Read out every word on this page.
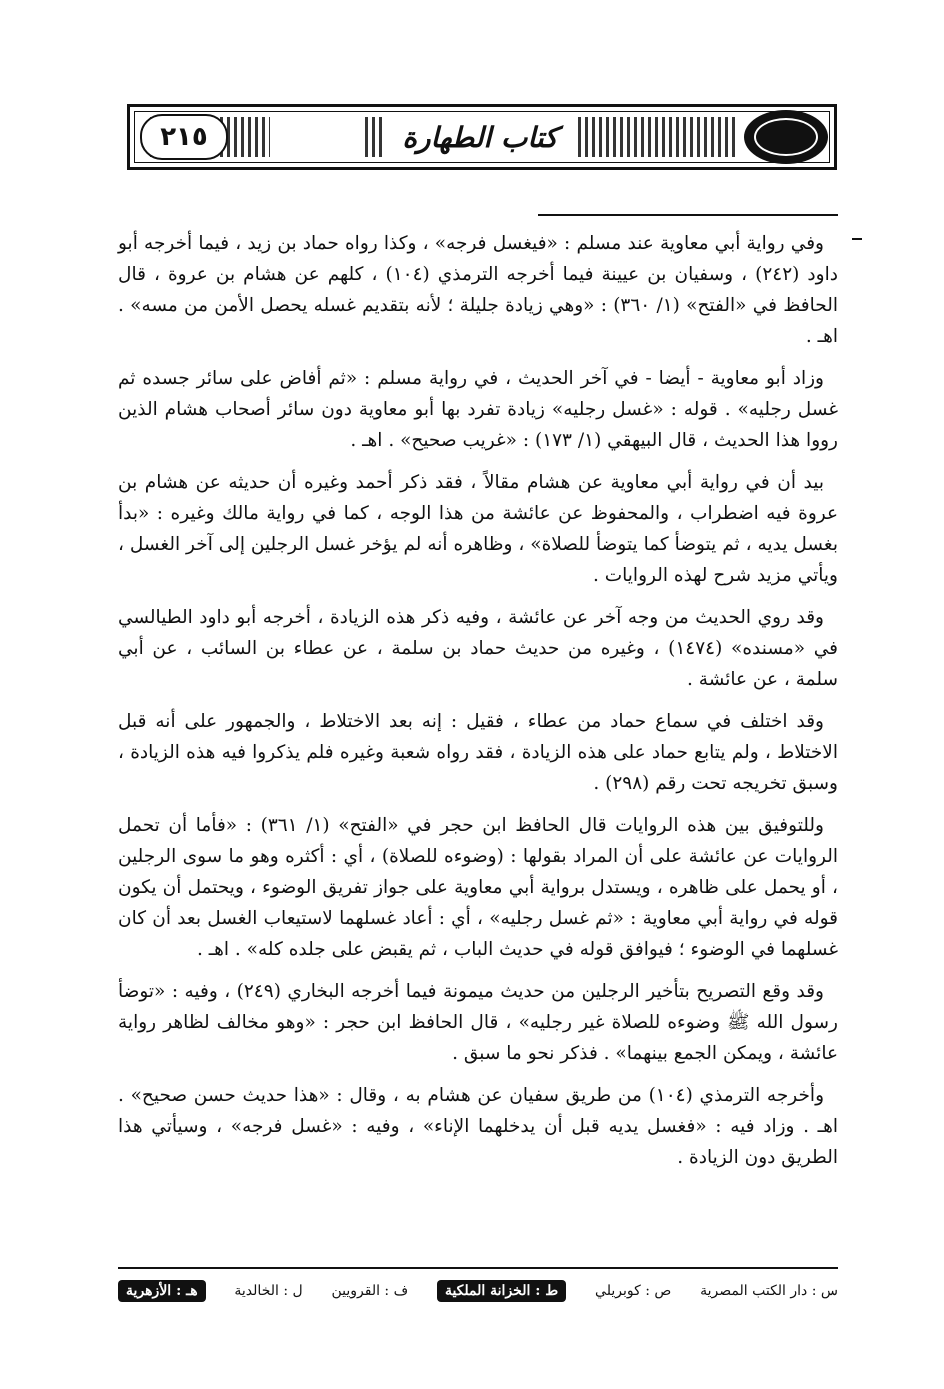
٢١٥	كتاب الطهارة

وفي رواية أبي معاوية عند مسلم : «فيغسل فرجه» ، وكذا رواه حماد بن زيد ، فيما أخرجه أبو داود (٢٤٢) ، وسفيان بن عيينة فيما أخرجه الترمذي (١٠٤) ، كلهم عن هشام بن عروة ، قال الحافظ في «الفتح» (١/ ٣٦٠) : «وهي زيادة جليلة ؛ لأنه بتقديم غسله يحصل الأمن من مسه» . اهـ .

وزاد أبو معاوية - أيضا - في آخر الحديث ، في رواية مسلم : «ثم أفاض على سائر جسده ثم غسل رجليه» . قوله : «غسل رجليه» زيادة تفرد بها أبو معاوية دون سائر أصحاب هشام الذين رووا هذا الحديث ، قال البيهقي (١/ ١٧٣) : «غريب صحيح» . اهـ .

بيد أن في رواية أبي معاوية عن هشام مقالاً ، فقد ذكر أحمد وغيره أن حديثه عن هشام بن عروة فيه اضطراب ، والمحفوظ عن عائشة من هذا الوجه ، كما في رواية مالك وغيره : «بدأ بغسل يديه ، ثم يتوضأ كما يتوضأ للصلاة» ، وظاهره أنه لم يؤخر غسل الرجلين إلى آخر الغسل ، ويأتي مزيد شرح لهذه الروايات .

وقد روي الحديث من وجه آخر عن عائشة ، وفيه ذكر هذه الزيادة ، أخرجه أبو داود الطيالسي في «مسنده» (١٤٧٤) ، وغيره من حديث حماد بن سلمة ، عن عطاء بن السائب ، عن أبي سلمة ، عن عائشة .

وقد اختلف في سماع حماد من عطاء ، فقيل : إنه بعد الاختلاط ، والجمهور على أنه قبل الاختلاط ، ولم يتابع حماد على هذه الزيادة ، فقد رواه شعبة وغيره فلم يذكروا فيه هذه الزيادة ، وسبق تخريجه تحت رقم (٢٩٨) .

وللتوفيق بين هذه الروايات قال الحافظ ابن حجر في «الفتح» (١/ ٣٦١) : «فأما أن تحمل الروايات عن عائشة على أن المراد بقولها : (وضوءه للصلاة) ، أي : أكثره وهو ما سوى الرجلين ، أو يحمل على ظاهره ، ويستدل برواية أبي معاوية على جواز تفريق الوضوء ، ويحتمل أن يكون قوله في رواية أبي معاوية : «ثم غسل رجليه» ، أي : أعاد غسلهما لاستيعاب الغسل بعد أن كان غسلهما في الوضوء ؛ فيوافق قوله في حديث الباب ، ثم يقبض على جلده كله» . اهـ .

وقد وقع التصريح بتأخير الرجلين من حديث ميمونة فيما أخرجه البخاري (٢٤٩) ، وفيه : «توضأ رسول الله ﷺ وضوءه للصلاة غير رجليه» ، قال الحافظ ابن حجر : «وهو مخالف لظاهر رواية عائشة ، ويمكن الجمع بينهما» . فذكر نحو ما سبق .

وأخرجه الترمذي (١٠٤) من طريق سفيان عن هشام به ، وقال : «هذا حديث حسن صحيح» . اهـ . وزاد فيه : «فغسل يديه قبل أن يدخلهما الإناء» ، وفيه : «غسل فرجه» ، وسيأتي هذا الطريق دون الزيادة .

س : دار الكتب المصرية
ص : كوبريلي
ط : الخزانة الملكية
ف : القرويين
ل : الخالدية
هـ : الأزهرية
